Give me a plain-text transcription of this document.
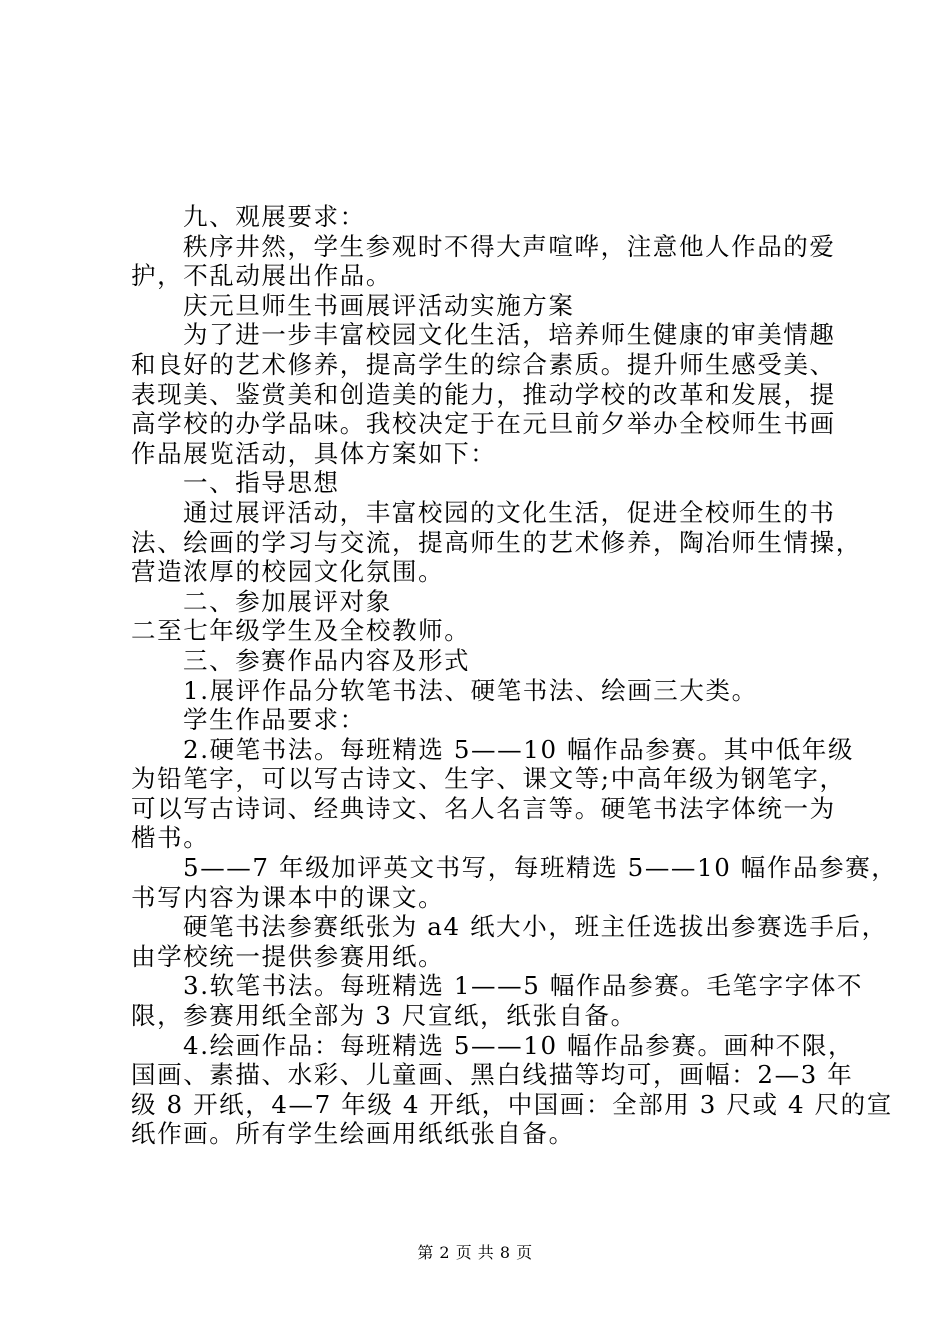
九、观展要求：
秩序井然，学生参观时不得大声喧哗，注意他人作品的爱
护，不乱动展出作品。
庆元旦师生书画展评活动实施方案
为了进一步丰富校园文化生活，培养师生健康的审美情趣
和良好的艺术修养，提高学生的综合素质。提升师生感受美、
表现美、鉴赏美和创造美的能力，推动学校的改革和发展，提
高学校的办学品味。我校决定于在元旦前夕举办全校师生书画
作品展览活动，具体方案如下：
一、指导思想
通过展评活动，丰富校园的文化生活，促进全校师生的书
法、绘画的学习与交流，提高师生的艺术修养，陶冶师生情操，
营造浓厚的校园文化氛围。
二、参加展评对象
二至七年级学生及全校教师。
三、参赛作品内容及形式
1.展评作品分软笔书法、硬笔书法、绘画三大类。
学生作品要求：
2.硬笔书法。每班精选 5——10 幅作品参赛。其中低年级
为铅笔字，可以写古诗文、生字、课文等;中高年级为钢笔字，
可以写古诗词、经典诗文、名人名言等。硬笔书法字体统一为
楷书。
5——7 年级加评英文书写，每班精选 5——10 幅作品参赛，
书写内容为课本中的课文。
硬笔书法参赛纸张为 a4 纸大小，班主任选拔出参赛选手后，
由学校统一提供参赛用纸。
3.软笔书法。每班精选 1——5 幅作品参赛。毛笔字字体不
限，参赛用纸全部为 3 尺宣纸，纸张自备。
4.绘画作品：每班精选 5——10 幅作品参赛。画种不限，
国画、素描、水彩、儿童画、黑白线描等均可，画幅：2—3 年
级 8 开纸，4—7 年级 4 开纸，中国画：全部用 3 尺或 4 尺的宣
纸作画。所有学生绘画用纸纸张自备。
第 2 页 共 8 页
